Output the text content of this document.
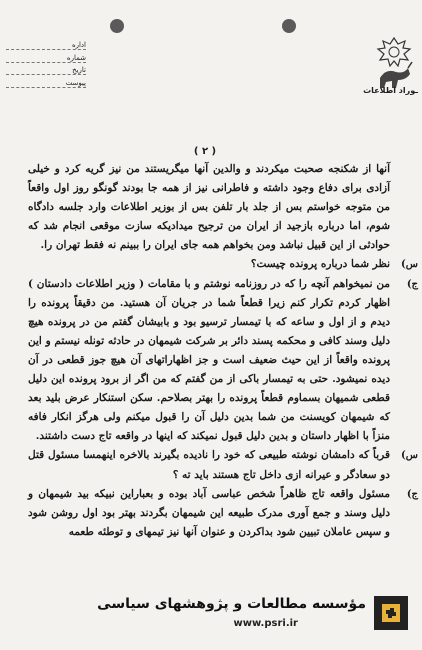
اداره
شماره
تاریخ
پیوست
ـوراد اطلاعات
( ۲ )

آنها از شکنجه صحبت میکردند و والدین آنها میگریستند من نیز گریه کرد و خیلی آزادی برای دفاع وجود داشته و فاطرانی نیز از همه جا بودند گونگو روز اول واقعاً من متوجه خواستم بس از جلد بار تلفن بس از بوزیر اطلاعات وارد جلسه دادگاه شوم، اما درباره بازجید از ایران من ترجیح میدادیکه سازت موقعی انجام شد که حوادثی از این قبیل نباشد ومن بخواهم همه جای ایران را ببینم نه فقط تهران را.

س)
نظر شما درباره پرونده چیست؟

ج)
من نمیخواهم آنچه را که در روزنامه نوشتم و با مقامات ( وزیر اطلاعات دادستان ) اظهار کردم تکرار کنم زیرا قطعاً شما در جریان آن هستید. من دقیقاً پرونده را دیدم و از اول و ساعه که با تیمسار ترسیو بود و بابیشان گفتم من در پرونده هیچ دلیل وسند کافی و محکمه پسند دائر بر شرکت شیمهان در حادثه تونله نیستم و این پرونده واقعاً از این حیث ضعیف است و جز اظهاراتهای آن هیچ جوز قطعی در آن دیده نمیشود. حتی به تیمسار باکی از من گفتم که من اگر از برود پرونده این دلیل قطعی شمیهان بسماوم قطعاً پرونده را بهتر بصلاحم. سکن استنکار عرض بلید بعد که شیمهان کویسنت من شما بدین دلیل آن را قبول میکنم ولی هرگز انکار فافه منزاً با اظهار داستان و بدین دلیل قبول نمیکند که اینها در واقعه تاج دست داشتند.

س)
قرباً که دامشان نوشته طبیعی که خود را نادیده بگیرند بالاخره اینهمسا مسئول قتل دو سعادگر و عیرانه ازی داخل تاج هستند باید ته ؟

ج)
مسئول واقعه تاج ظاهراً شخص عباسی آباد بوده و بعباراین نبیکه بید شیمهان و دلیل وسند و جمع آوری مدرک طبیعه این شیمهان بگردند بهتر بود اول روشن شود و سپس عاملان تبیین شود بداکردن و عنوان آنها نیز تیمهای و توطئه طعمه

مؤسسه مطالعات و پژوهشهای سیاسی
www.psri.ir
